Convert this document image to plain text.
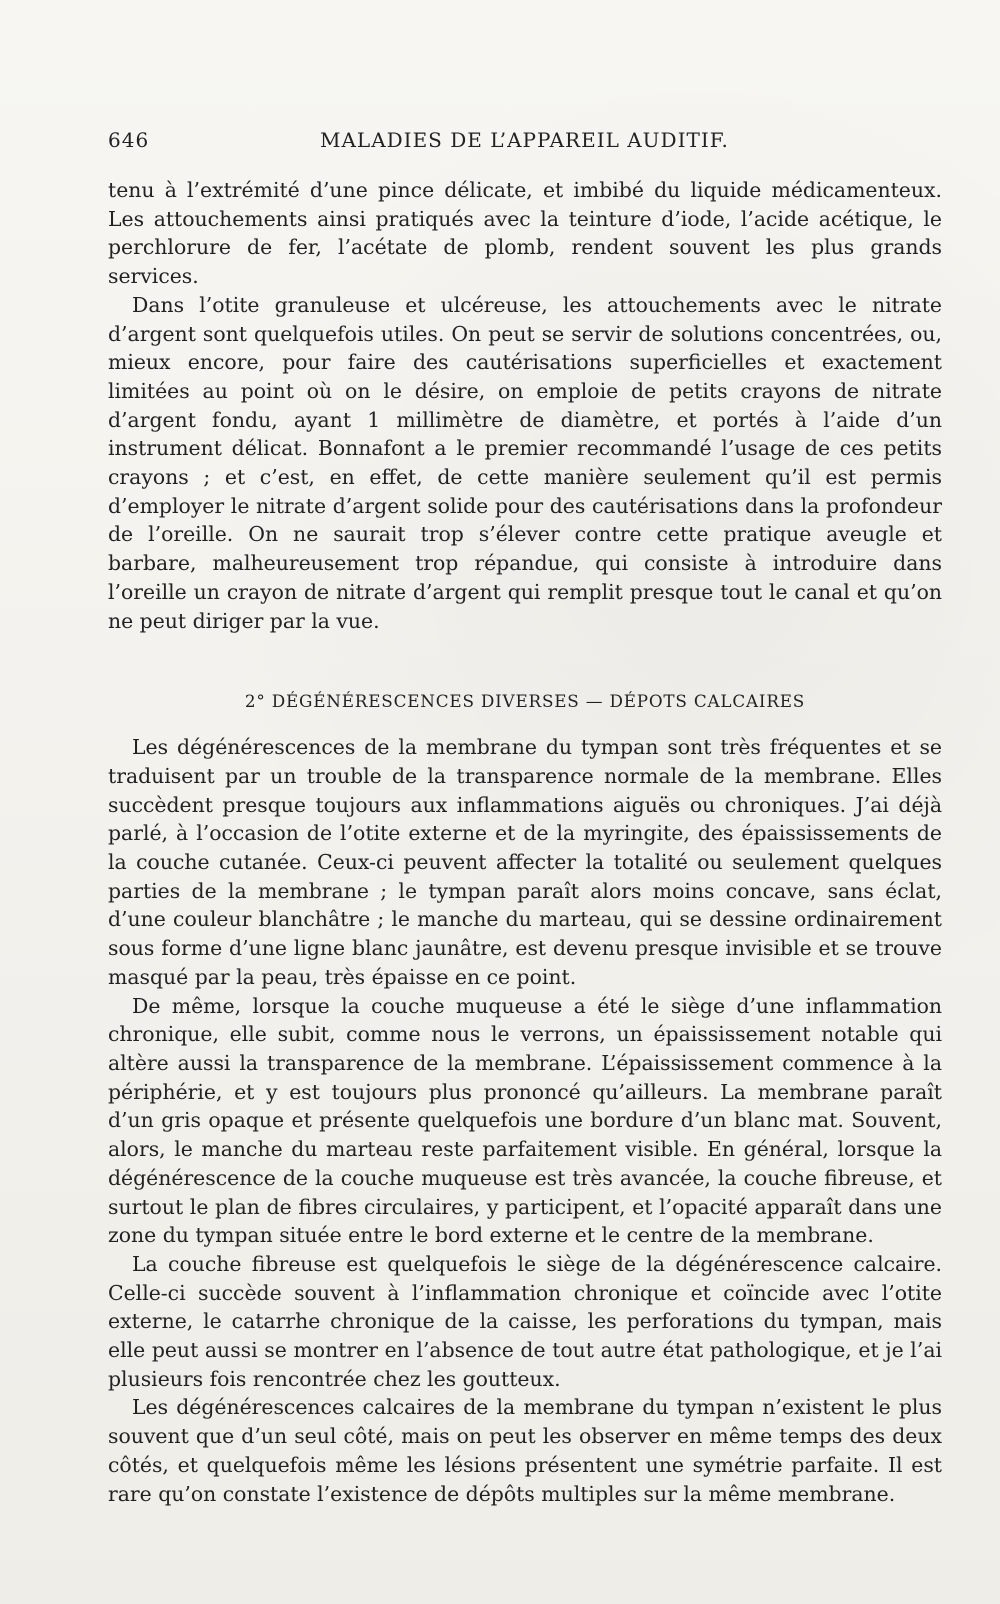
646	MALADIES DE L’APPAREIL AUDITIF.

tenu à l’extrémité d’une pince délicate, et imbibé du liquide médicamenteux. Les attouchements ainsi pratiqués avec la teinture d’iode, l’acide acétique, le perchlorure de fer, l’acétate de plomb, rendent souvent les plus grands services.

Dans l’otite granuleuse et ulcéreuse, les attouchements avec le nitrate d’argent sont quelquefois utiles. On peut se servir de solutions concentrées, ou, mieux encore, pour faire des cautérisations superficielles et exactement limitées au point où on le désire, on emploie de petits crayons de nitrate d’argent fondu, ayant 1 millimètre de diamètre, et portés à l’aide d’un instrument délicat. Bonnafont a le premier recommandé l’usage de ces petits crayons ; et c’est, en effet, de cette manière seulement qu’il est permis d’employer le nitrate d’argent solide pour des cautérisations dans la profondeur de l’oreille. On ne saurait trop s’élever contre cette pratique aveugle et barbare, malheureusement trop répandue, qui consiste à introduire dans l’oreille un crayon de nitrate d’argent qui remplit presque tout le canal et qu’on ne peut diriger par la vue.

2° DÉGÉNÉRESCENCES DIVERSES — DÉPOTS CALCAIRES

Les dégénérescences de la membrane du tympan sont très fréquentes et se traduisent par un trouble de la transparence normale de la membrane. Elles succèdent presque toujours aux inflammations aiguës ou chroniques. J’ai déjà parlé, à l’occasion de l’otite externe et de la myringite, des épaississements de la couche cutanée. Ceux-ci peuvent affecter la totalité ou seulement quelques parties de la membrane ; le tympan paraît alors moins concave, sans éclat, d’une couleur blanchâtre ; le manche du marteau, qui se dessine ordinairement sous forme d’une ligne blanc jaunâtre, est devenu presque invisible et se trouve masqué par la peau, très épaisse en ce point.

De même, lorsque la couche muqueuse a été le siège d’une inflammation chronique, elle subit, comme nous le verrons, un épaississement notable qui altère aussi la transparence de la membrane. L’épaississement commence à la périphérie, et y est toujours plus prononcé qu’ailleurs. La membrane paraît d’un gris opaque et présente quelquefois une bordure d’un blanc mat. Souvent, alors, le manche du marteau reste parfaitement visible. En général, lorsque la dégénérescence de la couche muqueuse est très avancée, la couche fibreuse, et surtout le plan de fibres circulaires, y participent, et l’opacité apparaît dans une zone du tympan située entre le bord externe et le centre de la membrane.

La couche fibreuse est quelquefois le siège de la dégénérescence calcaire. Celle-ci succède souvent à l’inflammation chronique et coïncide avec l’otite externe, le catarrhe chronique de la caisse, les perforations du tympan, mais elle peut aussi se montrer en l’absence de tout autre état pathologique, et je l’ai plusieurs fois rencontrée chez les goutteux.

Les dégénérescences calcaires de la membrane du tympan n’existent le plus souvent que d’un seul côté, mais on peut les observer en même temps des deux côtés, et quelquefois même les lésions présentent une symétrie parfaite. Il est rare qu’on constate l’existence de dépôts multiples sur la même membrane.
